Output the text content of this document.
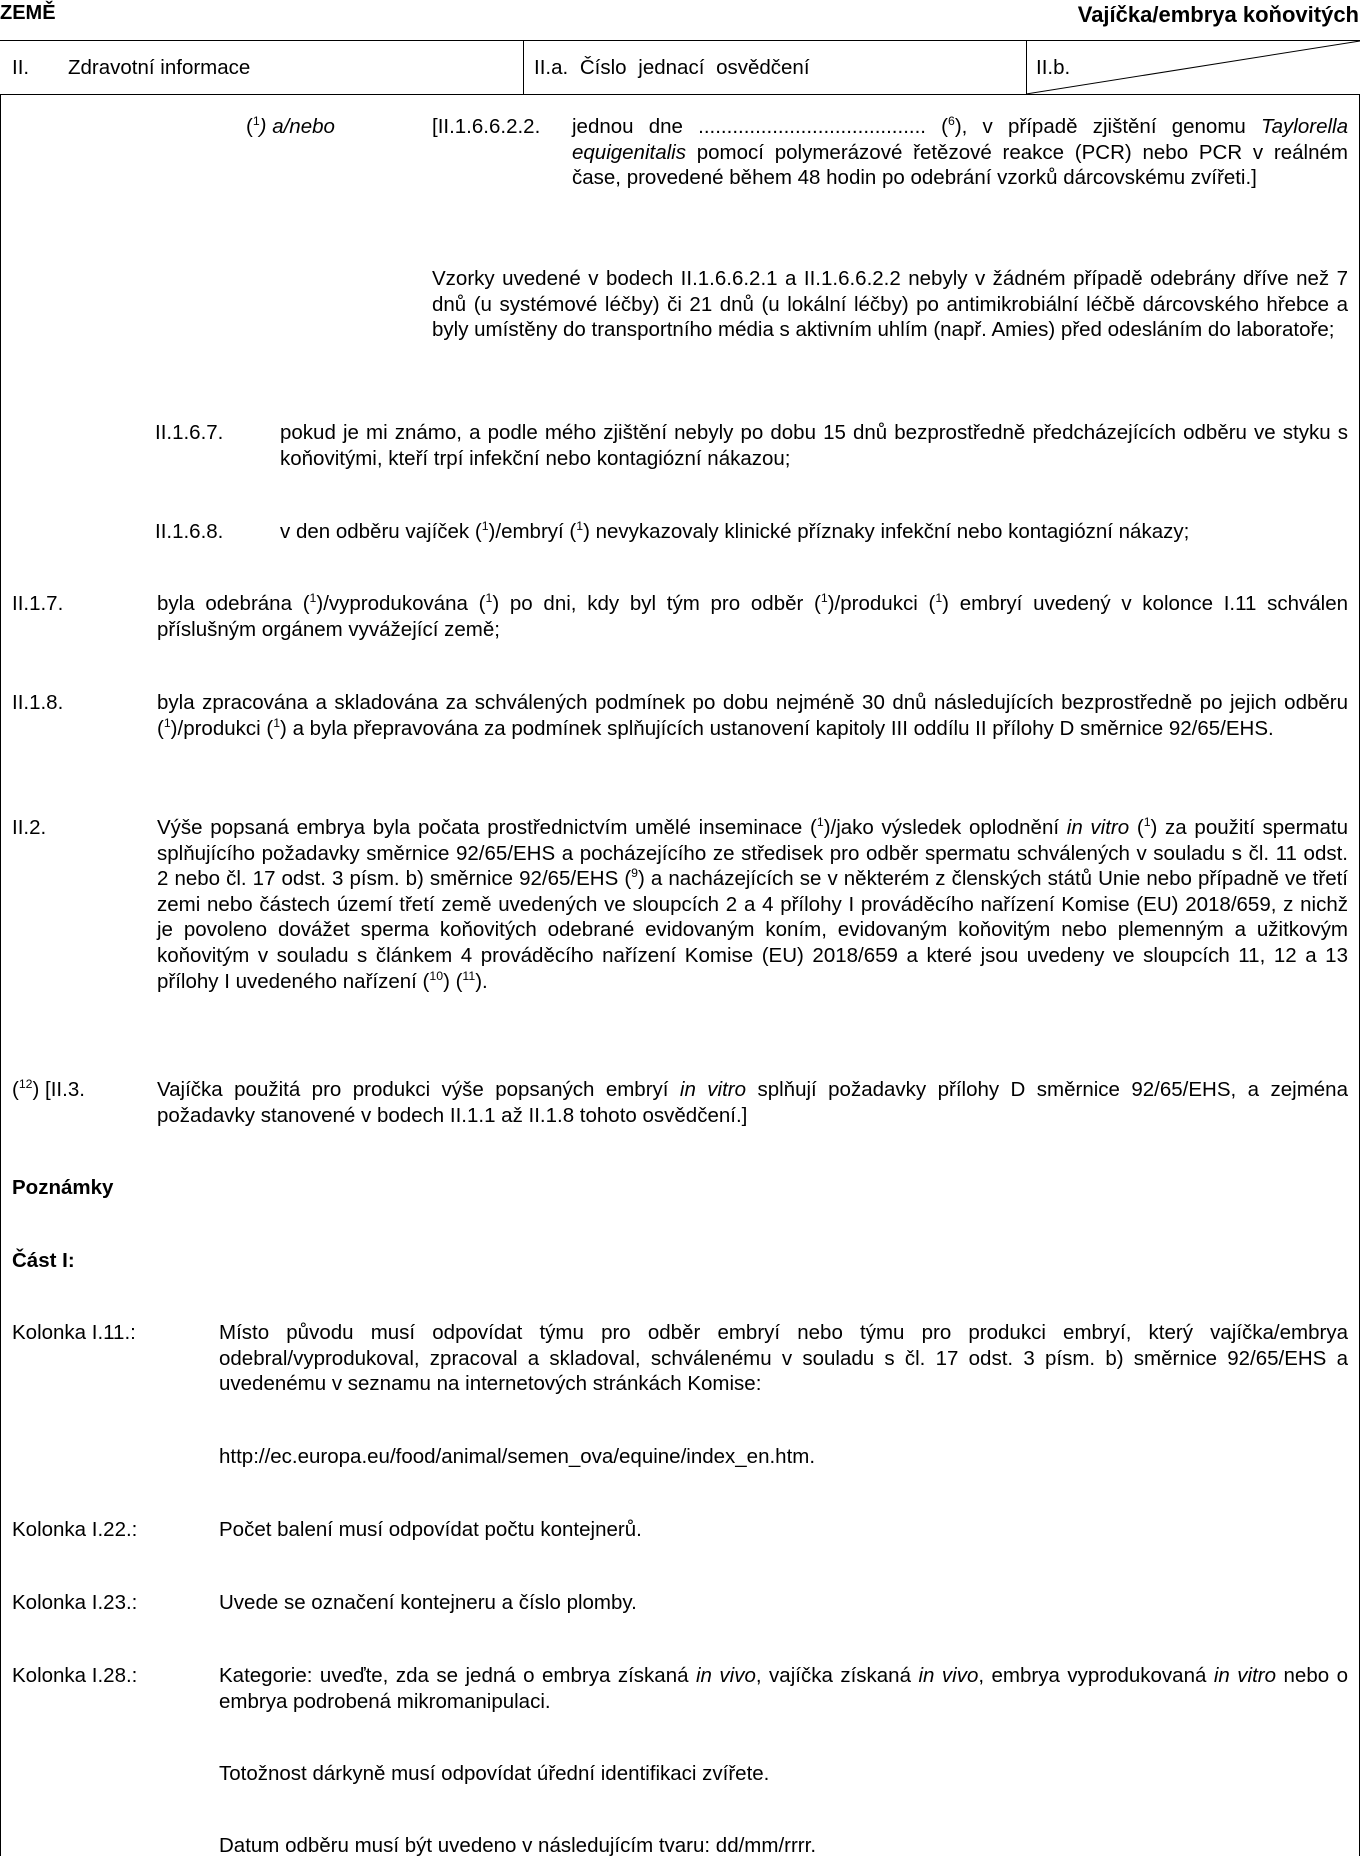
ZEMĚ	Vajíčka/embrya koňovitých
II. Zdravotní informace	II.a. Číslo jednací osvědčení	II.b.
($^1$) a/nebo	[II.1.6.6.2.2. jednou dne ........................................ ($^6$), v případě zjištění genomu Taylorella equigenitalis pomocí polymerázové řetězové reakce (PCR) nebo PCR v reálném čase, provedené během 48 hodin po odebrání vzorků dárcovskému zvířeti.]
Vzorky uvedené v bodech II.1.6.6.2.1 a II.1.6.6.2.2 nebyly v žádném případě odebrány dříve než 7 dnů (u systémové léčby) či 21 dnů (u lokální léčby) po antimikrobiální léčbě dárcovského hřebce a byly umístěny do transportního média s aktivním uhlím (např. Amies) před odesláním do laboratoře;
II.1.6.7.	pokud je mi známo, a podle mého zjištění nebyly po dobu 15 dnů bezprostředně předcházejících odběru ve styku s koňovitými, kteří trpí infekční nebo kontagiózní nákazou;
II.1.6.8.	v den odběru vajíček ($^1$)/embryí ($^1$) nevykazovaly klinické příznaky infekční nebo kontagiózní nákazy;
II.1.7.	byla odebrána ($^1$)/vyprodukována ($^1$) po dni, kdy byl tým pro odběr ($^1$)/produkci ($^1$) embryí uvedený v kolonce I.11 schválen příslušným orgánem vyvážející země;
II.1.8.	byla zpracována a skladována za schválených podmínek po dobu nejméně 30 dnů následujících bezprostředně po jejich odběru ($^1$)/produkci ($^1$) a byla přepravována za podmínek splňujících ustanovení kapitoly III oddílu II přílohy D směrnice 92/65/EHS.
II.2.	Výše popsaná embrya byla počata prostřednictvím umělé inseminace ($^1$)/jako výsledek oplodnění in vitro ($^1$) za použití spermatu splňujícího požadavky směrnice 92/65/EHS a pocházejícího ze středisek pro odběr spermatu schválených v souladu s čl. 11 odst. 2 nebo čl. 17 odst. 3 písm. b) směrnice 92/65/EHS ($^9$) a nacházejících se v některém z členských států Unie nebo případně ve třetí zemi nebo částech území třetí země uvedených ve sloupcích 2 a 4 přílohy I prováděcího nařízení Komise (EU) 2018/659, z nichž je povoleno dovážet sperma koňovitých odebrané evidovaným koním, evidovaným koňovitým nebo plemenným a užitkovým koňovitým v souladu s článkem 4 prováděcího nařízení Komise (EU) 2018/659 a které jsou uvedeny ve sloupcích 11, 12 a 13 přílohy I uvedeného nařízení ($^{10}$) ($^{11}$).
($^{12}$) [II.3.	Vajíčka použitá pro produkci výše popsaných embryí in vitro splňují požadavky přílohy D směrnice 92/65/EHS, a zejména požadavky stanovené v bodech II.1.1 až II.1.8 tohoto osvědčení.]
Poznámky
Část I:
Kolonka I.11.:	Místo původu musí odpovídat týmu pro odběr embryí nebo týmu pro produkci embryí, který vajíčka/embrya odebral/vyprodukoval, zpracoval a skladoval, schválenému v souladu s čl. 17 odst. 3 písm. b) směrnice 92/65/EHS a uvedenému v seznamu na internetových stránkách Komise:
http://ec.europa.eu/food/animal/semen_ova/equine/index_en.htm.
Kolonka I.22.:	Počet balení musí odpovídat počtu kontejnerů.
Kolonka I.23.:	Uvede se označení kontejneru a číslo plomby.
Kolonka I.28.:	Kategorie: uveďte, zda se jedná o embrya získaná in vivo, vajíčka získaná in vivo, embrya vyprodukovaná in vitro nebo o embrya podrobená mikromanipulaci.
Totožnost dárkyně musí odpovídat úřední identifikaci zvířete.
Datum odběru musí být uvedeno v následujícím tvaru: dd/mm/rrrr.
